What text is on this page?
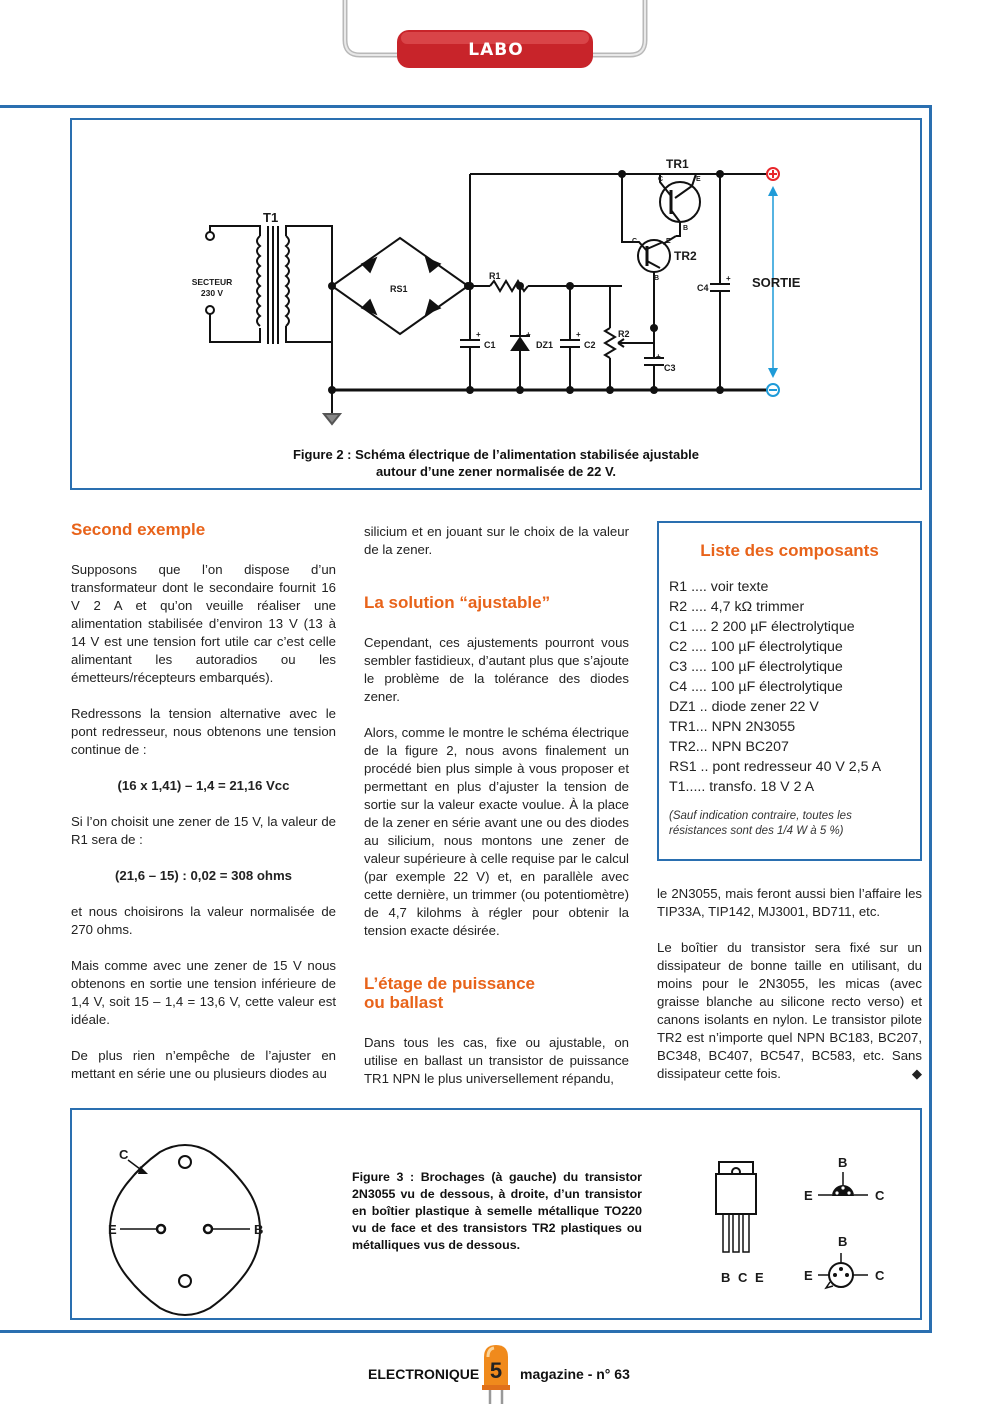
LABO
T1
SECTEUR
230 V	RS1
R1
R2
C1	DZ1	C2
C3
C4
TR1
TR2
SORTIE
C	E
B
C	E
B
+	+	+
+
+
Figure 2 : Schéma électrique de l’alimentation stabilisée ajustable
autour d’une zener normalisée de 22 V.
Second exemple

Supposons que l’on dispose d’un transformateur dont le secondaire fournit 16 V 2 A et qu’on veuille réaliser une alimentation stabilisée d’environ 13 V (13 à 14 V est une tension fort utile car c’est celle alimentant les autoradios ou les émetteurs/récepteurs embarqués).

Redressons la tension alternative avec le pont redresseur, nous obtenons une tension continue de :

(16 x 1,41) – 1,4 = 21,16 Vcc

Si l’on choisit une zener de 15 V, la valeur de R1 sera de :

(21,6 – 15) : 0,02 = 308 ohms

et nous choisirons la valeur normalisée de 270 ohms.

Mais comme avec une zener de 15 V nous obtenons en sortie une tension inférieure de 1,4 V, soit 15 – 1,4 = 13,6 V, cette valeur est idéale.

De plus rien n’empêche de l’ajuster en mettant en série une ou plusieurs diodes au

silicium et en jouant sur le choix de la valeur de la zener.

La solution “ajustable”

Cependant, ces ajustements pourront vous sembler fastidieux, d’autant plus que s’ajoute le problème de la tolérance des diodes zener.

Alors, comme le montre le schéma électrique de la figure 2, nous avons finalement un procédé bien plus simple à vous proposer et permettant en plus d’ajuster la tension de sortie sur la valeur exacte voulue. À la place de la zener en série avant une ou des diodes au silicium, nous montons une zener de valeur supérieure à celle requise par le calcul (par exemple 22 V) et, en parallèle avec cette dernière, un trimmer (ou potentiomètre) de 4,7 kilohms à régler pour obtenir la tension exacte désirée.

L’étage de puissance
ou ballast

Dans tous les cas, fixe ou ajustable, on utilise en ballast un transistor de puissance TR1 NPN le plus universellement répandu,

Liste des composants
R1 .... voir texte
R2 .... 4,7 kΩ trimmer
C1 .... 2 200 µF électrolytique
C2 .... 100 µF électrolytique
C3 .... 100 µF électrolytique
C4 .... 100 µF électrolytique
DZ1 .. diode zener 22 V
TR1... NPN 2N3055
TR2... NPN BC207
RS1 .. pont redresseur 40 V 2,5 A
T1..... transfo. 18 V 2 A
(Sauf indication contraire, toutes les résistances sont des 1/4 W à 5 %)

le 2N3055, mais feront aussi bien l’affaire les TIP33A, TIP142, MJ3001, BD711, etc.

Le boîtier du transistor sera fixé sur un dissipateur de bonne taille en utilisant, du moins pour le 2N3055, les micas (avec graisse blanche au silicone recto verso) et canons isolants en nylon. Le transistor pilote TR2 est n’importe quel NPN BC183, BC207, BC348, BC407, BC547, BC583, etc. Sans dissipateur cette fois.	◆

C
E	B
B C E
B
E	C
B
E	C
Figure 3 : Brochages (à gauche) du transistor 2N3055 vu de dessous, à droite, d’un transistor en boîtier plastique à semelle métallique TO220 vu de face et des transistors TR2 plastiques ou métalliques vus de dessous.
ELECTRONIQUE 5	magazine - n° 63
